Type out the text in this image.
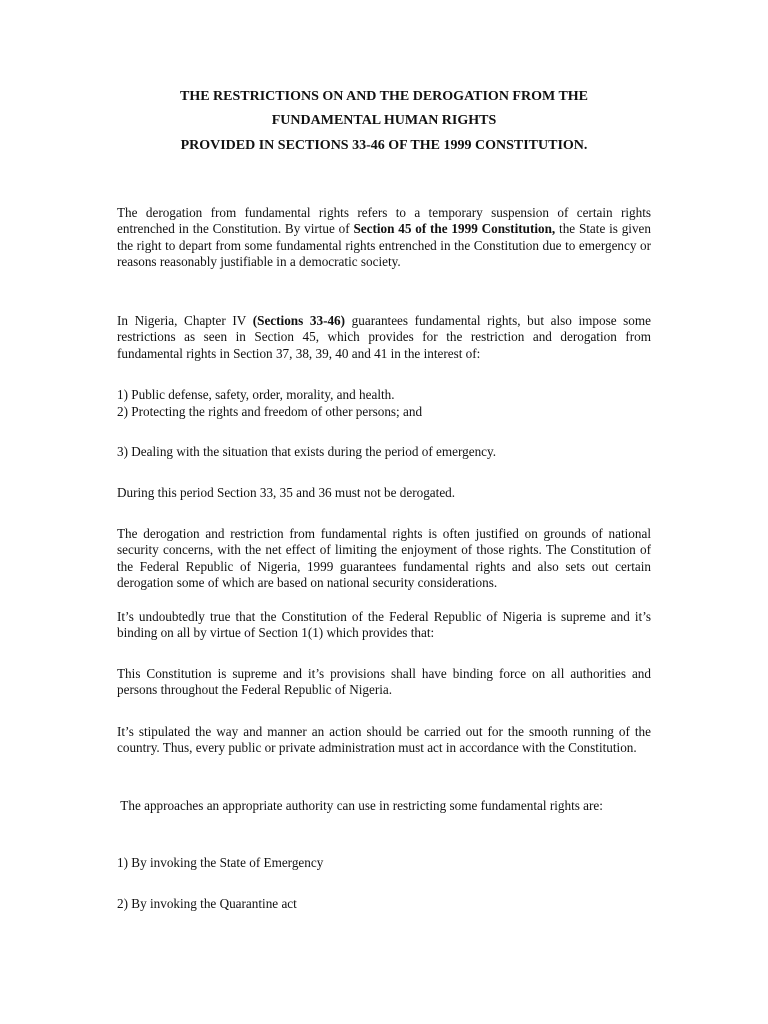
THE RESTRICTIONS ON AND THE DEROGATION FROM THE
FUNDAMENTAL HUMAN RIGHTS
PROVIDED IN SECTIONS 33-46 OF THE 1999 CONSTITUTION.

The derogation from fundamental rights refers to a temporary suspension of certain rights entrenched in the Constitution. By virtue of Section 45 of the 1999 Constitution, the State is given the right to depart from some fundamental rights entrenched in the Constitution due to emergency or reasons reasonably justifiable in a democratic society.

In Nigeria, Chapter IV (Sections 33-46) guarantees fundamental rights, but also impose some restrictions as seen in Section 45, which provides for the restriction and derogation from fundamental rights in Section 37, 38, 39, 40 and 41 in the interest of:

1) Public defense, safety, order, morality, and health.

2) Protecting the rights and freedom of other persons; and

3) Dealing with the situation that exists during the period of emergency.

During this period Section 33, 35 and 36 must not be derogated.

The derogation and restriction from fundamental rights is often justified on grounds of national security concerns, with the net effect of limiting the enjoyment of those rights. The Constitution of the Federal Republic of Nigeria, 1999 guarantees fundamental rights and also sets out certain derogation some of which are based on national security considerations.

It’s undoubtedly true that the Constitution of the Federal Republic of Nigeria is supreme and it’s binding on all by virtue of Section 1(1) which provides that:

This Constitution is supreme and it’s provisions shall have binding force on all authorities and persons throughout the Federal Republic of Nigeria.

It’s stipulated the way and manner an action should be carried out for the smooth running of the country. Thus, every public or private administration must act in accordance with the Constitution.

The approaches an appropriate authority can use in restricting some fundamental rights are:

1) By invoking the State of Emergency

2) By invoking the Quarantine act
